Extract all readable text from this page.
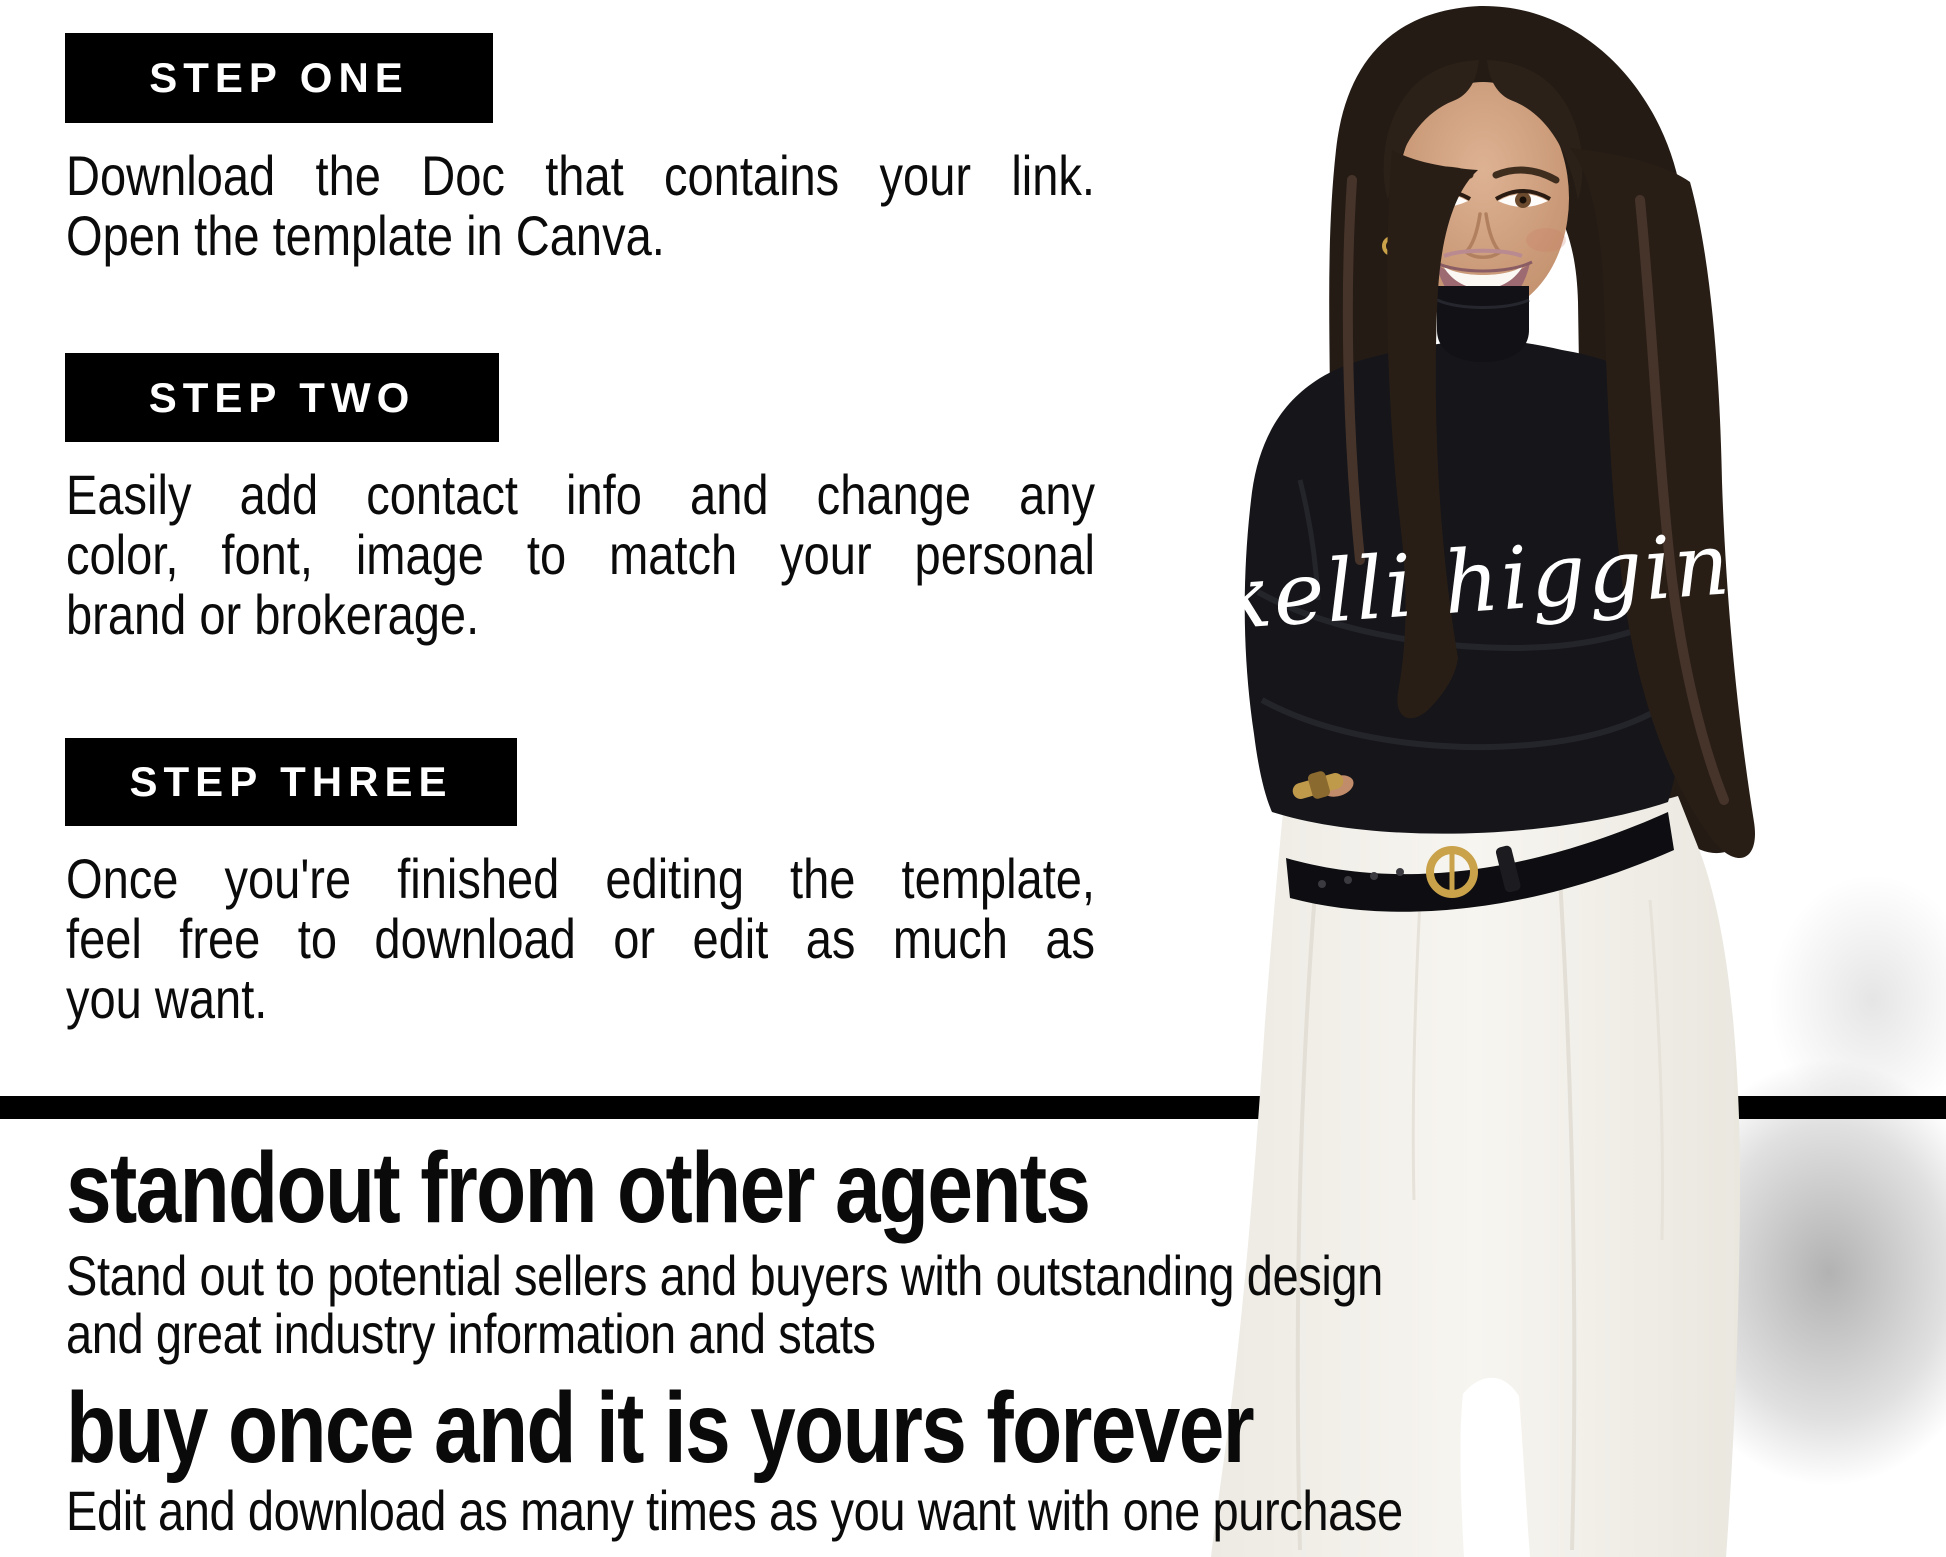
STEP ONE
Download the Doc that contains your link.
Open the template in Canva.
STEP TWO
Easily add contact info and change any
color, font, image to match your personal
brand or brokerage.
STEP THREE
Once you're finished editing the template,
feel free to download or edit as much as
you want.
kelli higgins
standout from other agents
Stand out to potential sellers and buyers with outstanding design
and great industry information and stats
buy once and it is yours forever
Edit and download as many times as you want with one purchase
